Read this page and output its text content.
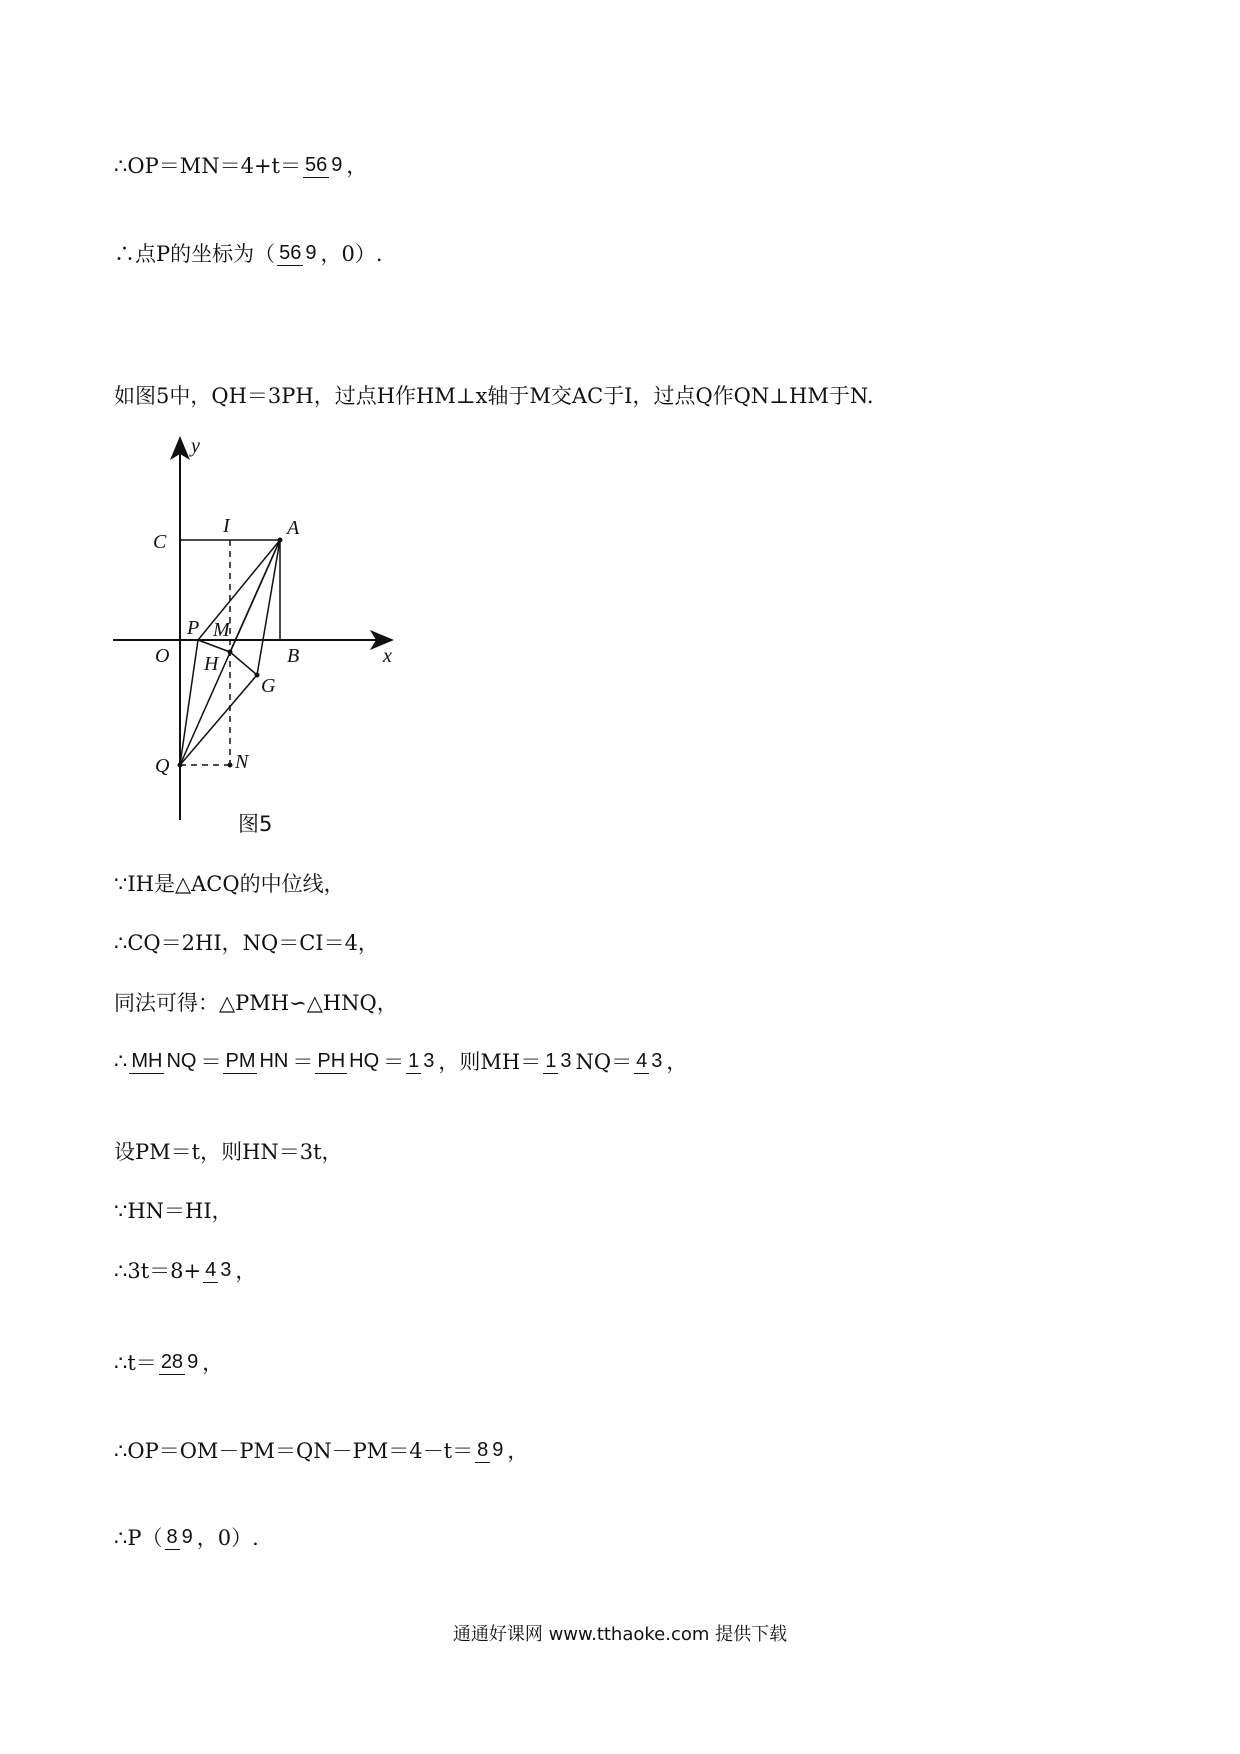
∴OP＝MN＝4+t＝ 56 9 ，
∴点P的坐标为（ 56 9 ，0）.
如图5中，QH＝3PH，过点H作HM⊥x轴于M交AC于I，过点Q作QN⊥HM于N.
y
x
C
I	A
P M
O	B
H
G
Q	N
图5
∵IH是△ACQ的中位线，
∴CQ＝2HI，NQ＝CI＝4，
同法可得：△PMH∽△HNQ，
∴ MH NQ ＝ PM HN ＝ PH HQ ＝ 1 3 ，则MH＝ 1 3 NQ＝ 4 3 ，
设PM＝t，则HN＝3t，
∵HN＝HI，
∴3t＝8+ 4 3 ，
∴t＝ 28 9 ，
∴OP＝OM－PM＝QN－PM＝4－t＝ 8 9 ，
∴P（ 8 9 ，0）.
通通好课网 www.tthaoke.com 提供下载
